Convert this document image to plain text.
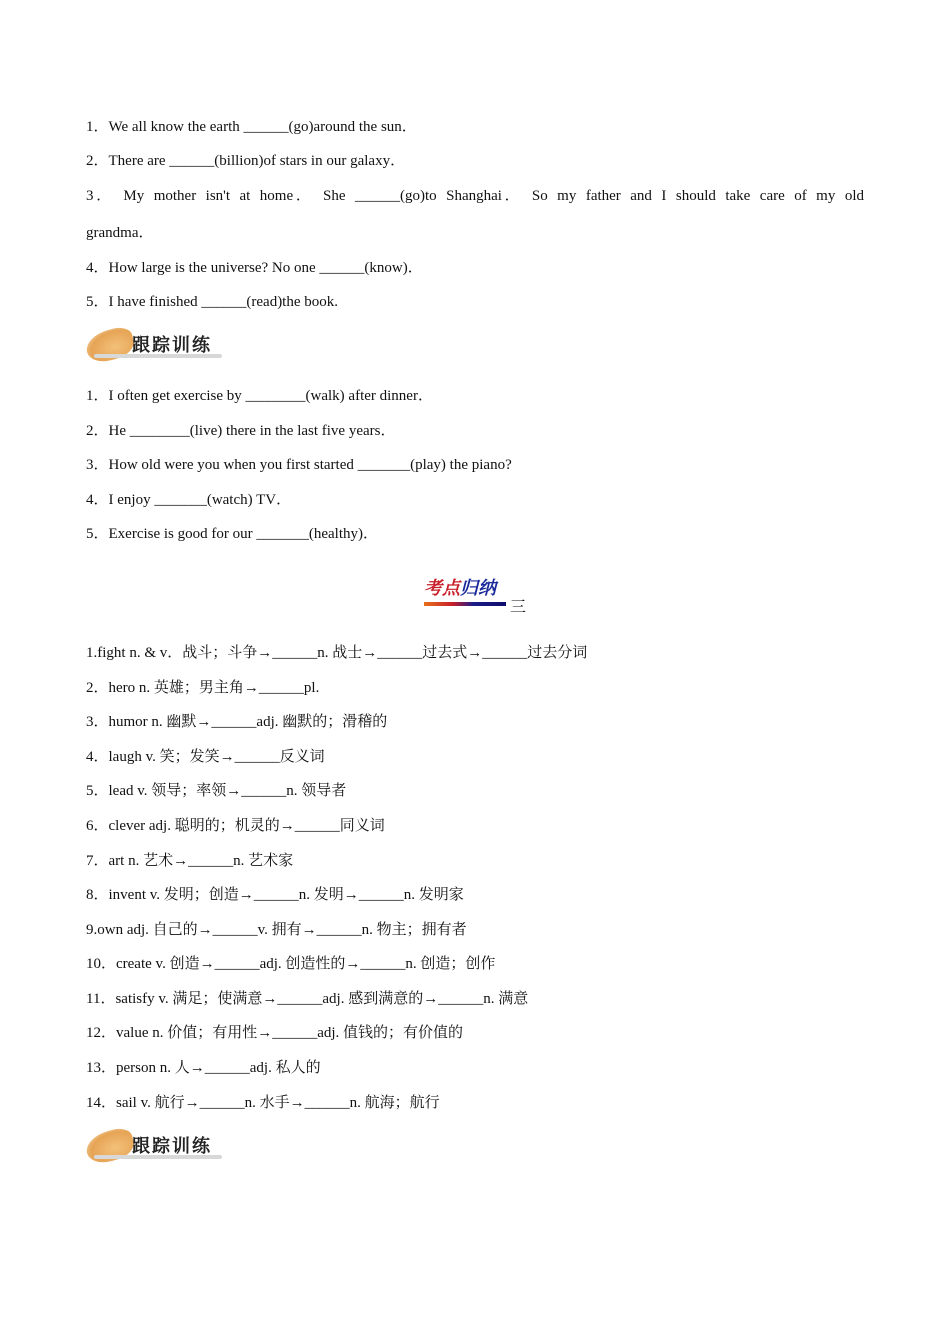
1．We all know the earth ______(go)around the sun．
2．There are ______(billion)of stars in our galaxy．
3． My mother isn't at home． She ______(go)to Shanghai． So my father and I should take care of my old
grandma．
4．How large is the universe? No one ______(know)．
5．I have finished ______(read)the book.
跟踪训练
1．I often get exercise by ________(walk) after dinner．
2．He ________(live) there in the last five years．
3．How old were you when you first started _______(play) the piano?
4．I enjoy _______(watch) TV．
5．Exercise is good for our _______(healthy)．
考点归纳
三
1.fight n. & v．战斗；斗争→______n. 战士→______过去式→______过去分词
2．hero n. 英雄；男主角→______pl.
3．humor n. 幽默→______adj. 幽默的；滑稽的
4．laugh v. 笑；发笑→______反义词
5．lead v. 领导；率领→______n. 领导者
6．clever adj. 聪明的；机灵的→______同义词
7．art n. 艺术→______n. 艺术家
8．invent v. 发明；创造→______n. 发明→______n. 发明家
9.own adj. 自己的→______v. 拥有→______n. 物主；拥有者
10．create v. 创造→______adj. 创造性的→______n. 创造；创作
11．satisfy v. 满足；使满意→______adj. 感到满意的→______n. 满意
12．value n. 价值；有用性→______adj. 值钱的；有价值的
13．person n. 人→______adj. 私人的
14．sail v. 航行→______n. 水手→______n. 航海；航行
跟踪训练
